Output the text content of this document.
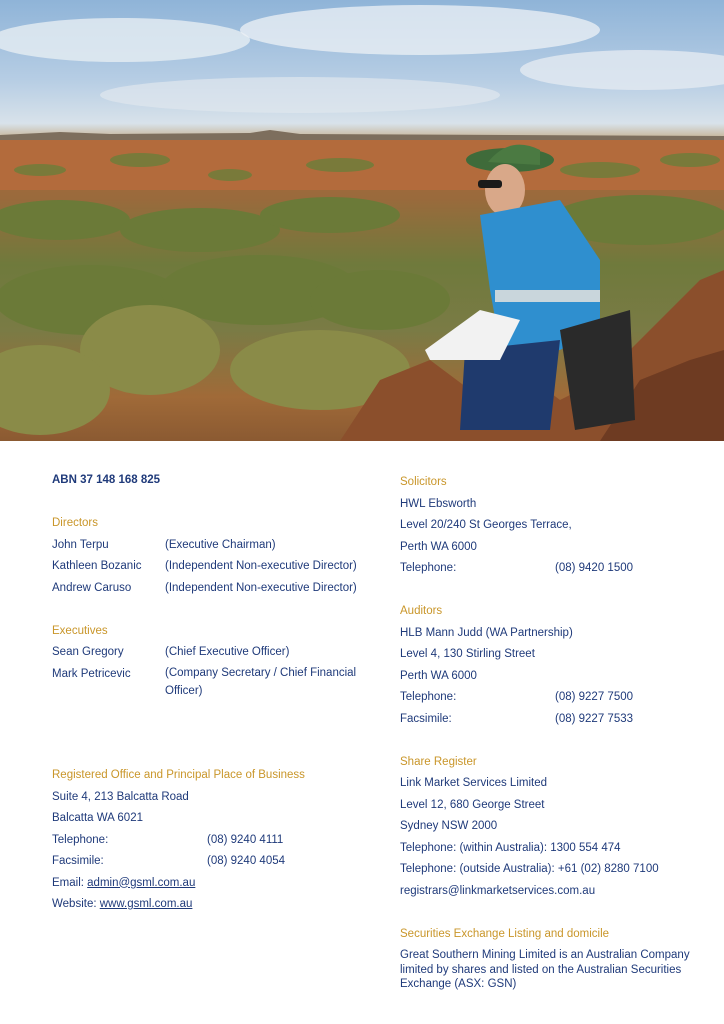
ABN 37 148 168 825
Directors
John Terpu	(Executive Chairman)
Kathleen Bozanic	(Independent Non-executive Director)
Andrew Caruso	(Independent Non-executive Director)
Executives
Sean Gregory	(Chief Executive Officer)
Mark Petricevic	(Company Secretary / Chief Financial
Officer)
Registered Office and Principal Place of Business
Suite 4, 213 Balcatta Road
Balcatta WA 6021
Telephone:	(08) 9240 4111
Facsimile:	(08) 9240 4054
Email: admin@gsml.com.au
Website: www.gsml.com.au
Solicitors
HWL Ebsworth
Level 20/240 St Georges Terrace,
Perth WA 6000
Telephone:	(08) 9420 1500
Auditors
HLB Mann Judd (WA Partnership)
Level 4, 130 Stirling Street
Perth WA 6000
Telephone:	(08) 9227 7500
Facsimile:	(08) 9227 7533
Share Register
Link Market Services Limited
Level 12, 680 George Street
Sydney NSW 2000
Telephone: (within Australia): 1300 554 474
Telephone: (outside Australia): +61 (02) 8280 7100
registrars@linkmarketservices.com.au
Securities Exchange Listing and domicile
Great Southern Mining Limited is an Australian Company
limited by shares and listed on the Australian Securities
Exchange (ASX: GSN)
